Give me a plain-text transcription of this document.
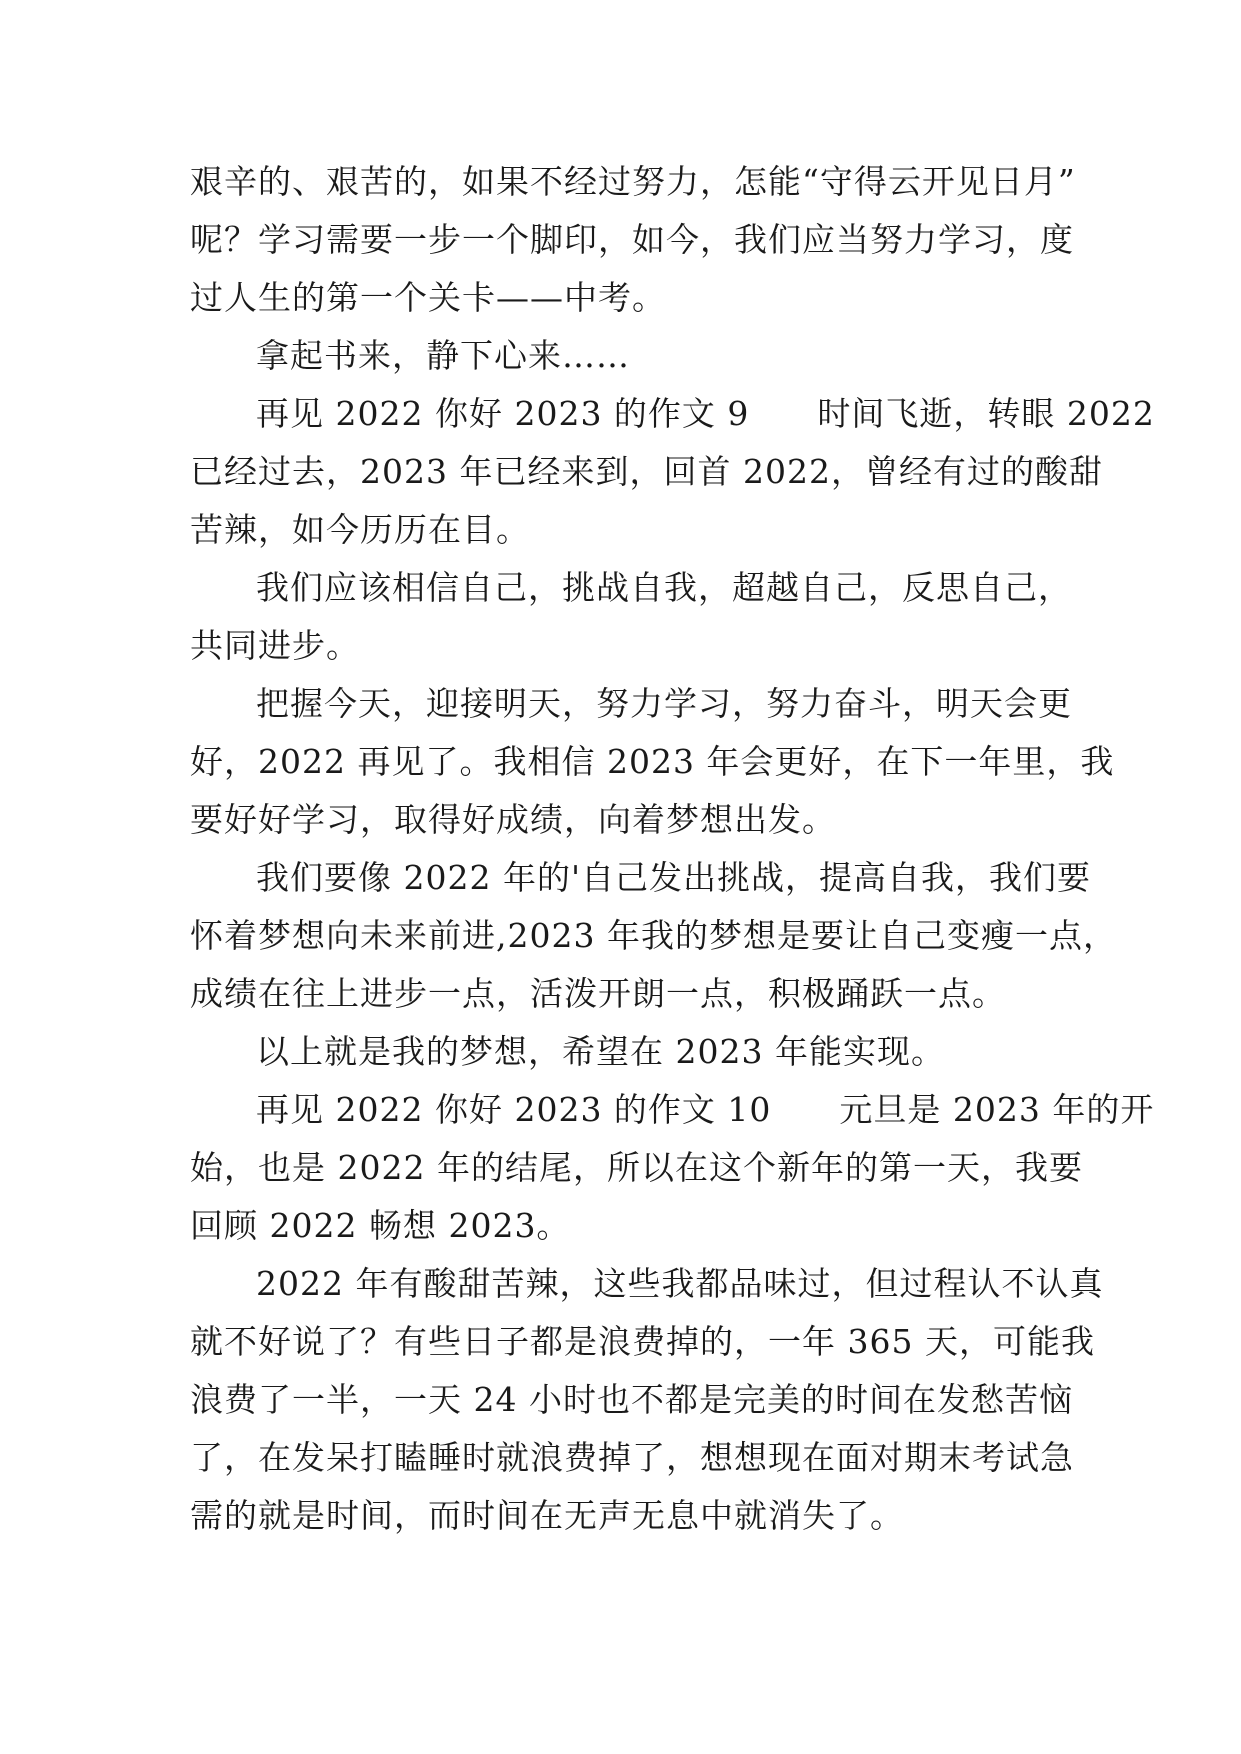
艰辛的、艰苦的，如果不经过努力，怎能“守得云开见日月”
呢？学习需要一步一个脚印，如今，我们应当努力学习，度
过人生的第一个关卡——中考。
拿起书来，静下心来……
再见 2022 你好 2023 的作文 9　　时间飞逝，转眼 2022
已经过去，2023 年已经来到，回首 2022，曾经有过的酸甜
苦辣，如今历历在目。
我们应该相信自己，挑战自我，超越自己，反思自己，
共同进步。
把握今天，迎接明天，努力学习，努力奋斗，明天会更
好，2022 再见了。我相信 2023 年会更好，在下一年里，我
要好好学习，取得好成绩，向着梦想出发。
我们要像 2022 年的'自己发出挑战，提高自我，我们要
怀着梦想向未来前进,2023 年我的梦想是要让自己变瘦一点，
成绩在往上进步一点，活泼开朗一点，积极踊跃一点。
以上就是我的梦想，希望在 2023 年能实现。
再见 2022 你好 2023 的作文 10　　元旦是 2023 年的开
始，也是 2022 年的结尾，所以在这个新年的第一天，我要
回顾 2022 畅想 2023。
2022 年有酸甜苦辣，这些我都品味过，但过程认不认真
就不好说了？有些日子都是浪费掉的，一年 365 天，可能我
浪费了一半，一天 24 小时也不都是完美的时间在发愁苦恼
了，在发呆打瞌睡时就浪费掉了，想想现在面对期末考试急
需的就是时间，而时间在无声无息中就消失了。
